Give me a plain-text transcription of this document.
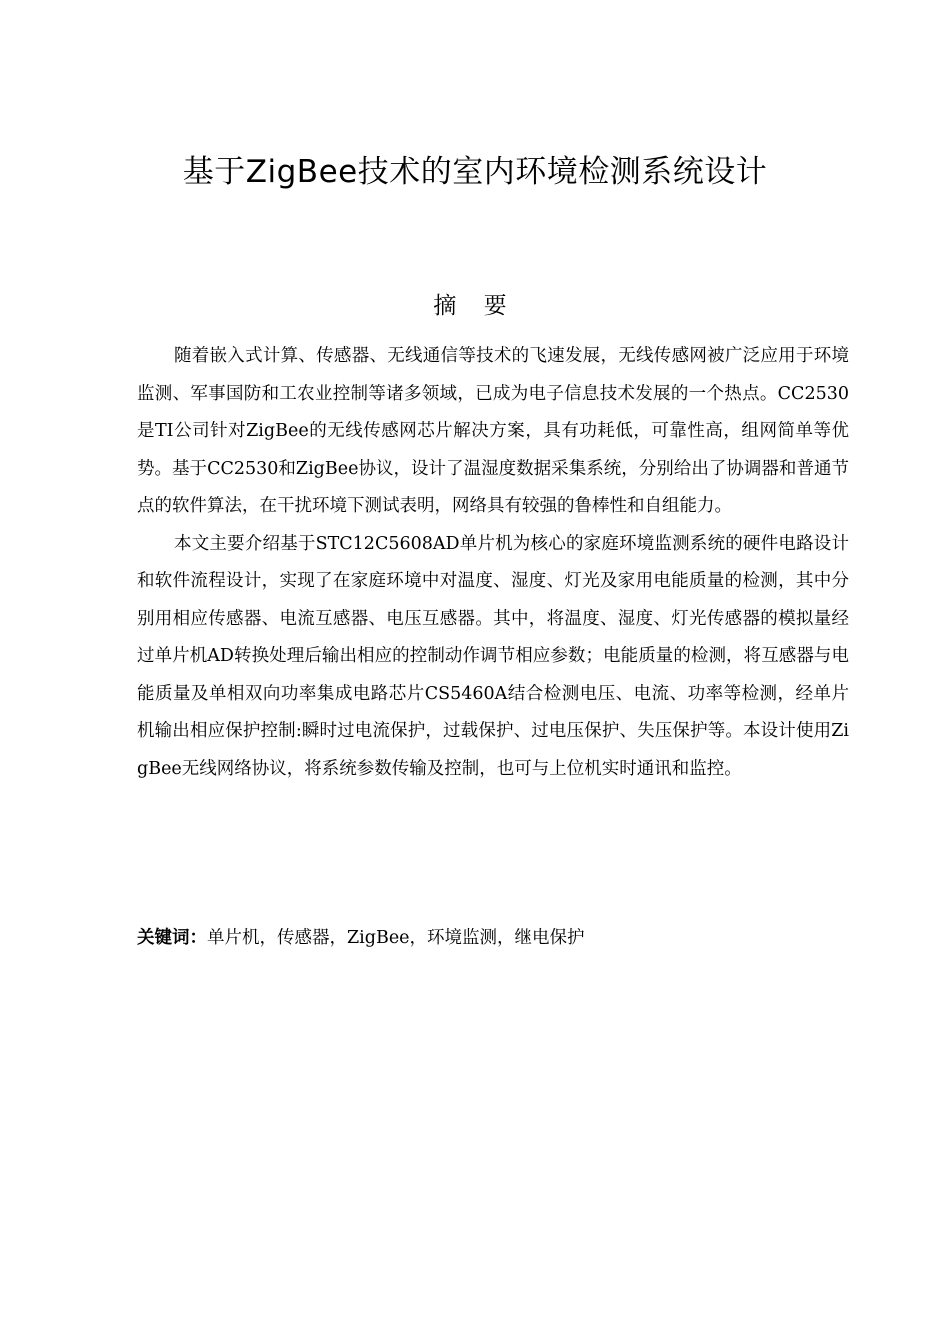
基于ZigBee技术的室内环境检测系统设计
摘 要

随着嵌入式计算、传感器、无线通信等技术的飞速发展，无线传感网被广泛应用于环境监测、军事国防和工农业控制等诸多领域，已成为电子信息技术发展的一个热点。CC2530是TI公司针对ZigBee的无线传感网芯片解决方案，具有功耗低，可靠性高，组网简单等优势。基于CC2530和ZigBee协议，设计了温湿度数据采集系统，分别给出了协调器和普通节点的软件算法，在干扰环境下测试表明，网络具有较强的鲁棒性和自组能力。

本文主要介绍基于STC12C5608AD单片机为核心的家庭环境监测系统的硬件电路设计和软件流程设计，实现了在家庭环境中对温度、湿度、灯光及家用电能质量的检测，其中分别用相应传感器、电流互感器、电压互感器。其中，将温度、湿度、灯光传感器的模拟量经过单片机AD转换处理后输出相应的控制动作调节相应参数；电能质量的检测，将互感器与电能质量及单相双向功率集成电路芯片CS5460A结合检测电压、电流、功率等检测，经单片机输出相应保护控制:瞬时过电流保护，过载保护、过电压保护、失压保护等。本设计使用ZigBee无线网络协议，将系统参数传输及控制，也可与上位机实时通讯和监控。

关键词：单片机，传感器，ZigBee，环境监测，继电保护
